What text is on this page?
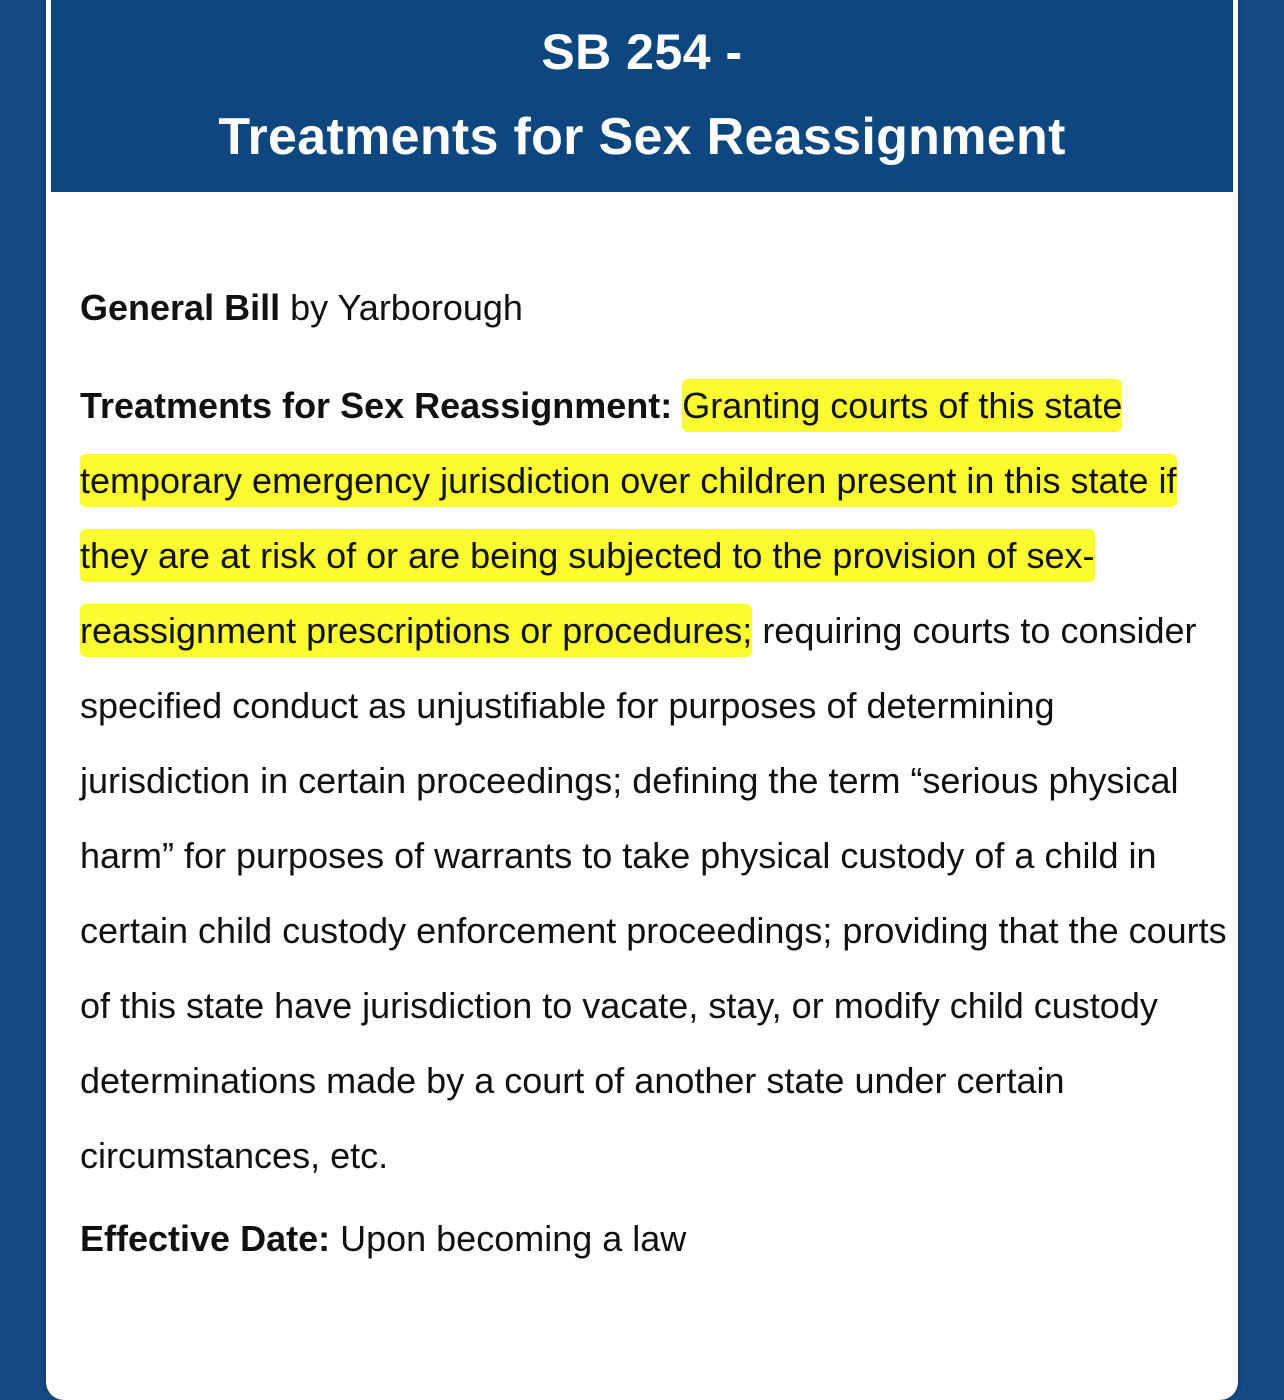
SB 254 -
Treatments for Sex Reassignment

General Bill by Yarborough

Treatments for Sex Reassignment: Granting courts of this state temporary emergency jurisdiction over children present in this state if they are at risk of or are being subjected to the provision of sex-reassignment prescriptions or procedures; requiring courts to consider specified conduct as unjustifiable for purposes of determining jurisdiction in certain proceedings; defining the term “serious physical harm” for purposes of warrants to take physical custody of a child in certain child custody enforcement proceedings; providing that the courts of this state have jurisdiction to vacate, stay, or modify child custody determinations made by a court of another state under certain circumstances, etc.

Effective Date: Upon becoming a law
